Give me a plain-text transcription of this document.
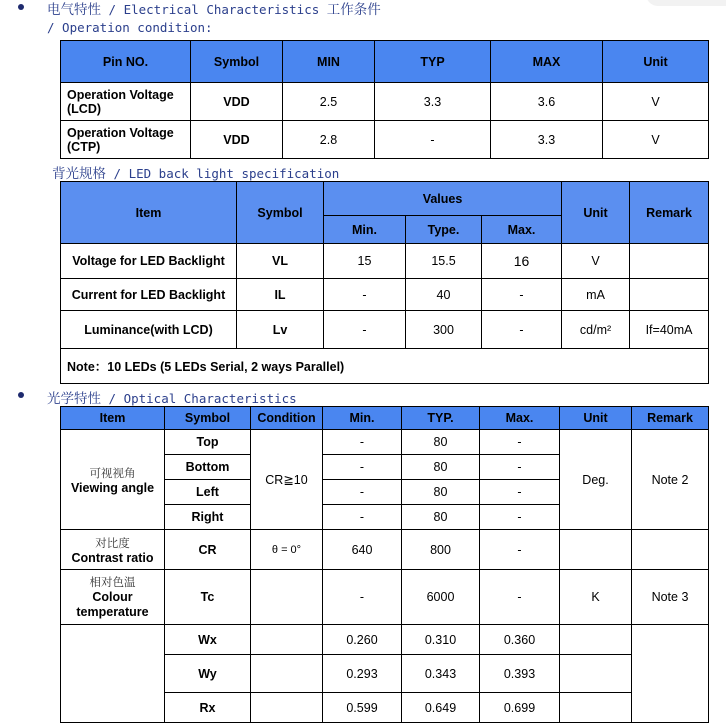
电气特性 / Electrical Characteristics 工作条件
/ Operation condition:
Pin NO.	Symbol	MIN	TYP	MAX	Unit
Operation Voltage (LCD)	VDD	2.5	3.3	3.6	V
Operation Voltage (CTP)	VDD	2.8	-	3.3	V
背光规格 / LED back light specification
Item	Symbol	Values			Unit	Remark
		Min.	Type.	Max.		
Voltage for LED Backlight	VL	15	15.5	16	V	
Current for LED Backlight	IL	-	40	-	mA	
Luminance(with LCD)	Lv	-	300	-	cd/m²	If=40mA
Note：10 LEDs (5 LEDs Serial, 2 ways Parallel)						
光学特性 / Optical Characteristics
Item	Symbol	Condition	Min.	TYP.	Max.	Unit	Remark

可视视角
Viewing angle	Top	CR≧10	-	80	-	Deg.	Note 2
	Bottom		-	80	-		
	Left		-	80	-		
	Right		-	80	-		

对比度
Contrast ratio	CR	θ = 0°	640	800	-		

相对色温
Colour temperature	Tc		-	6000	-	K	Note 3
	Wx		0.260	0.310	0.360		
	Wy		0.293	0.343	0.393		
	Rx		0.599	0.649	0.699		
